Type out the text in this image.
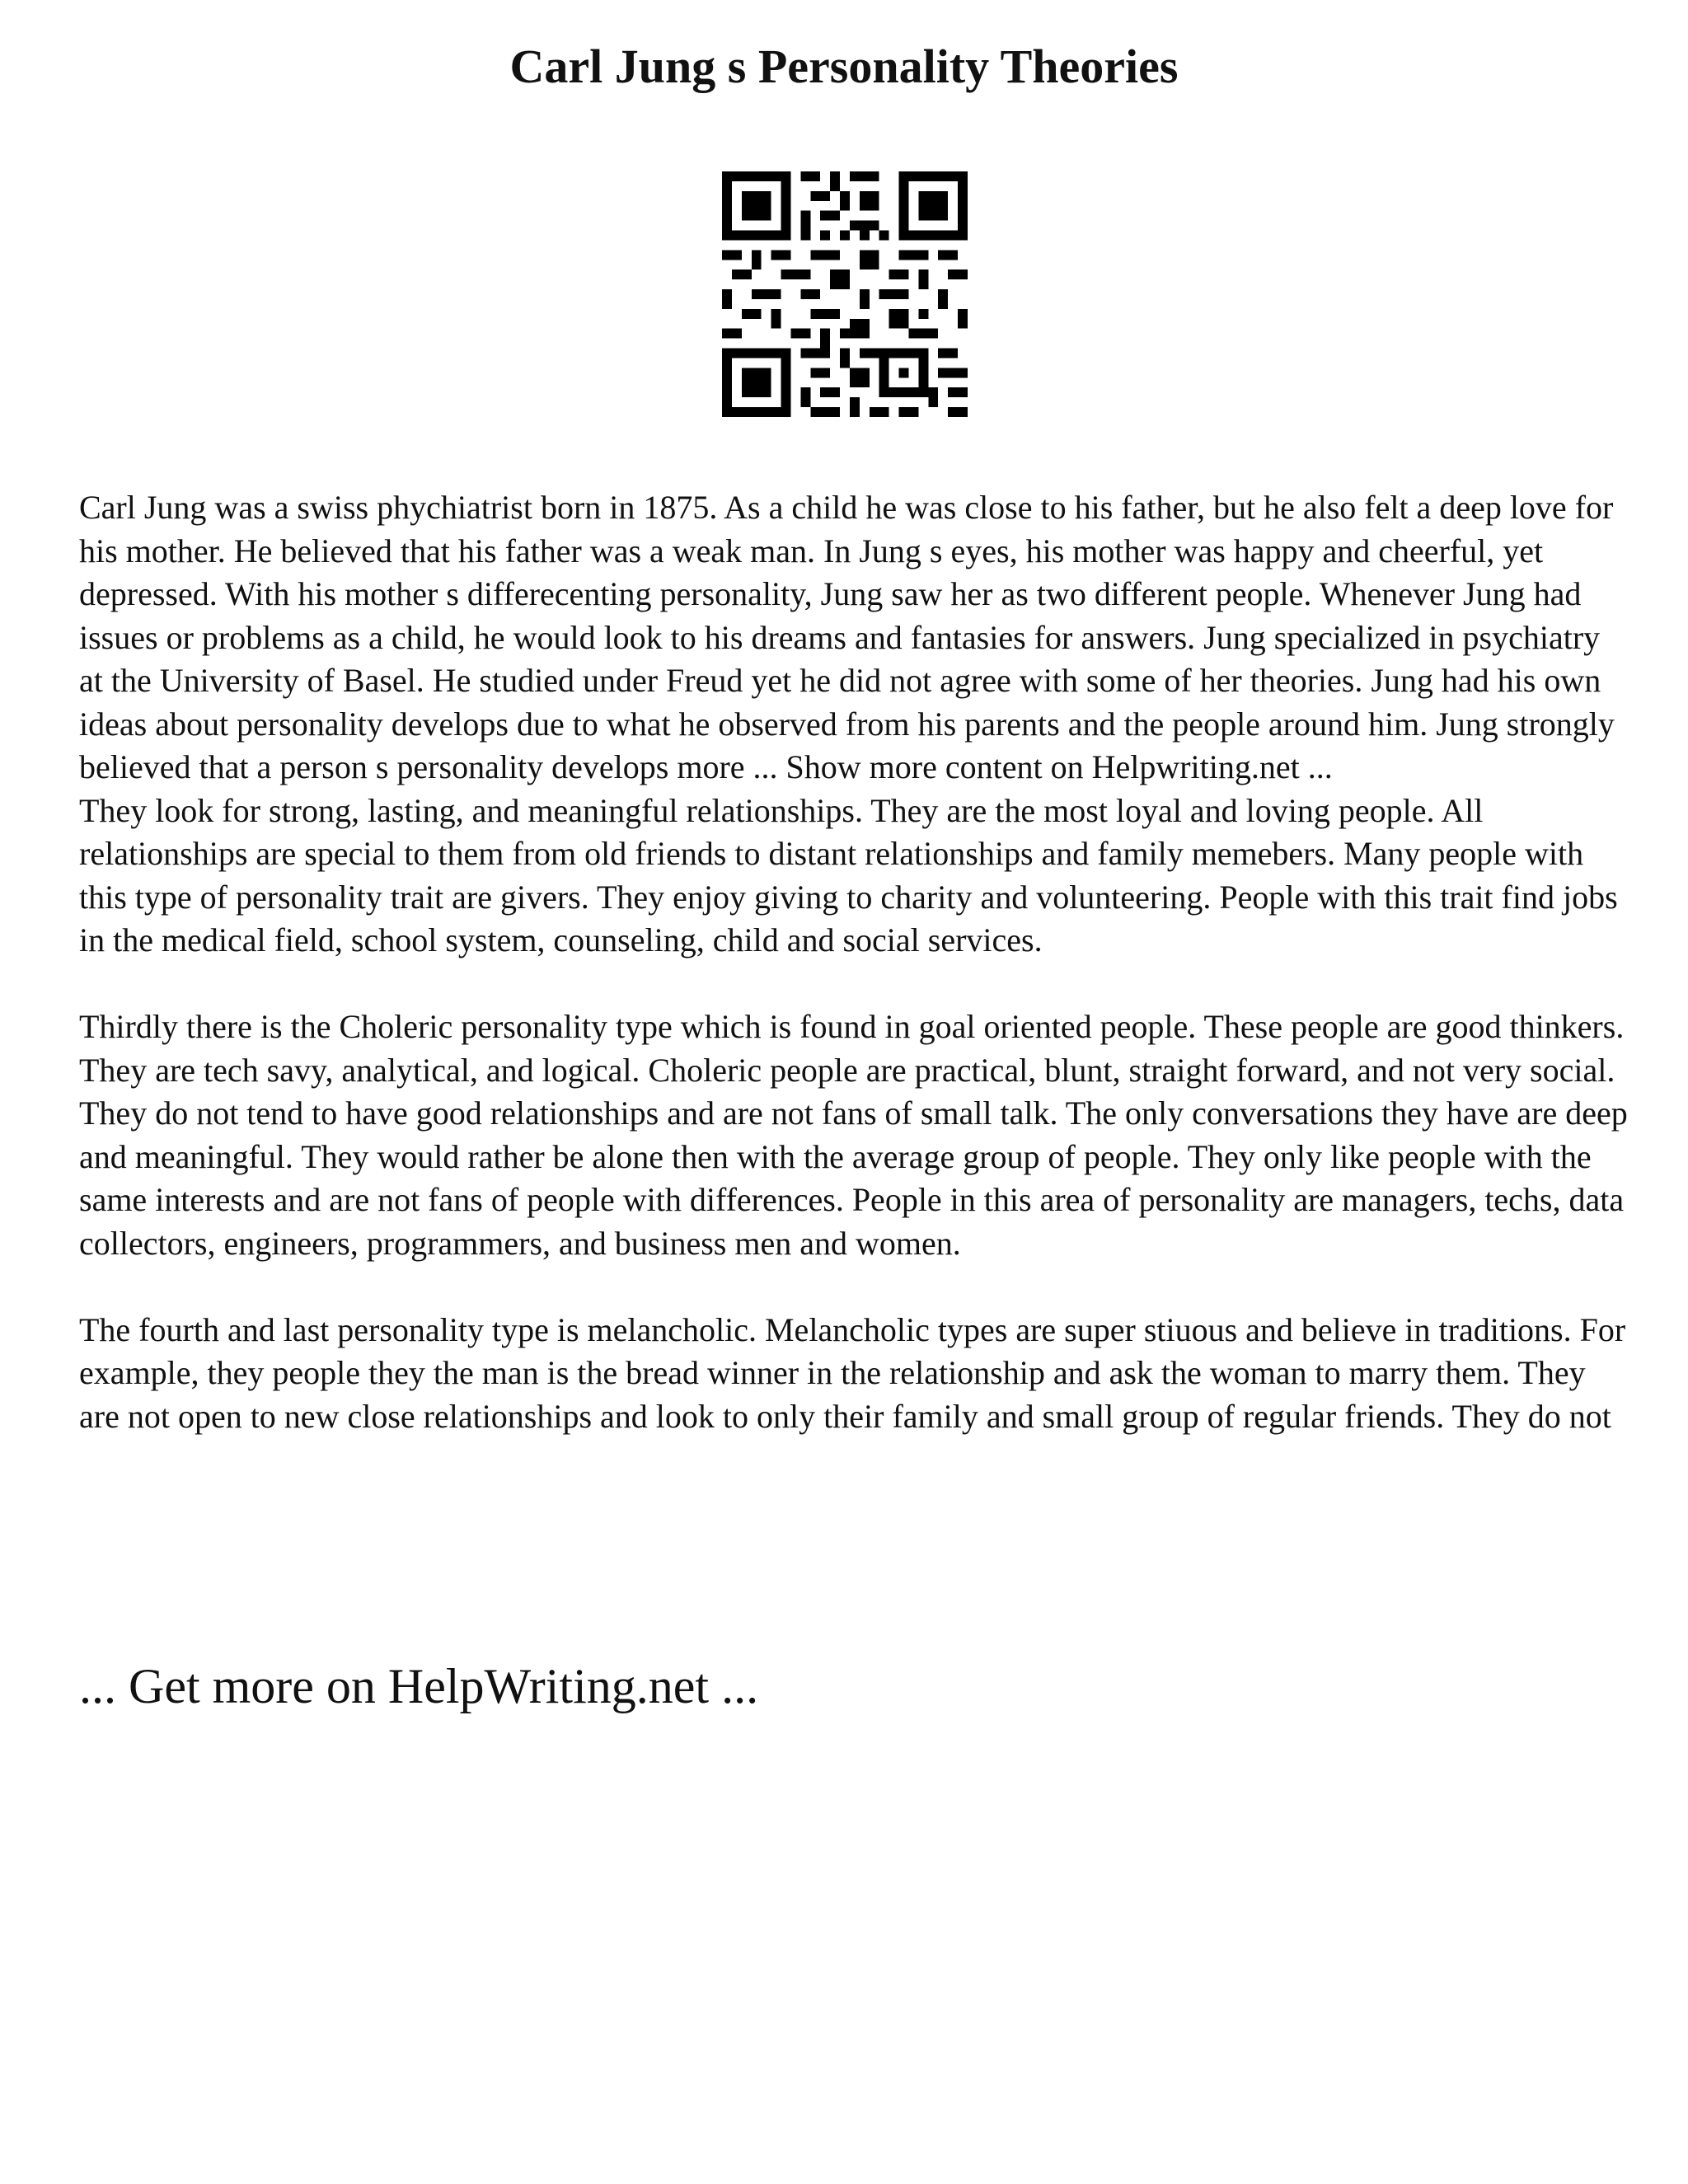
Carl Jung s Personality Theories

Carl Jung was a swiss phychiatrist born in 1875. As a child he was close to his father, but he also felt a deep love for his mother. He believed that his father was a weak man. In Jung s eyes, his mother was happy and cheerful, yet depressed. With his mother s differecenting personality, Jung saw her as two different people. Whenever Jung had issues or problems as a child, he would look to his dreams and fantasies for answers. Jung specialized in psychiatry at the University of Basel. He studied under Freud yet he did not agree with some of her theories. Jung had his own ideas about personality develops due to what he observed from his parents and the people around him. Jung strongly believed that a person s personality develops more ... Show more content on Helpwriting.net ...

They look for strong, lasting, and meaningful relationships. They are the most loyal and loving people. All relationships are special to them from old friends to distant relationships and family memebers. Many people with this type of personality trait are givers. They enjoy giving to charity and volunteering. People with this trait find jobs in the medical field, school system, counseling, child and social services.

Thirdly there is the Choleric personality type which is found in goal oriented people. These people are good thinkers. They are tech savy, analytical, and logical. Choleric people are practical, blunt, straight forward, and not very social. They do not tend to have good relationships and are not fans of small talk. The only conversations they have are deep and meaningful. They would rather be alone then with the average group of people. They only like people with the same interests and are not fans of people with differences. People in this area of personality are managers, techs, data collectors, engineers, programmers, and business men and women.

The fourth and last personality type is melancholic. Melancholic types are super stiuous and believe in traditions. For example, they people they the man is the bread winner in the relationship and ask the woman to marry them. They are not open to new close relationships and look to only their family and small group of regular friends. They do not

... Get more on HelpWriting.net ...
